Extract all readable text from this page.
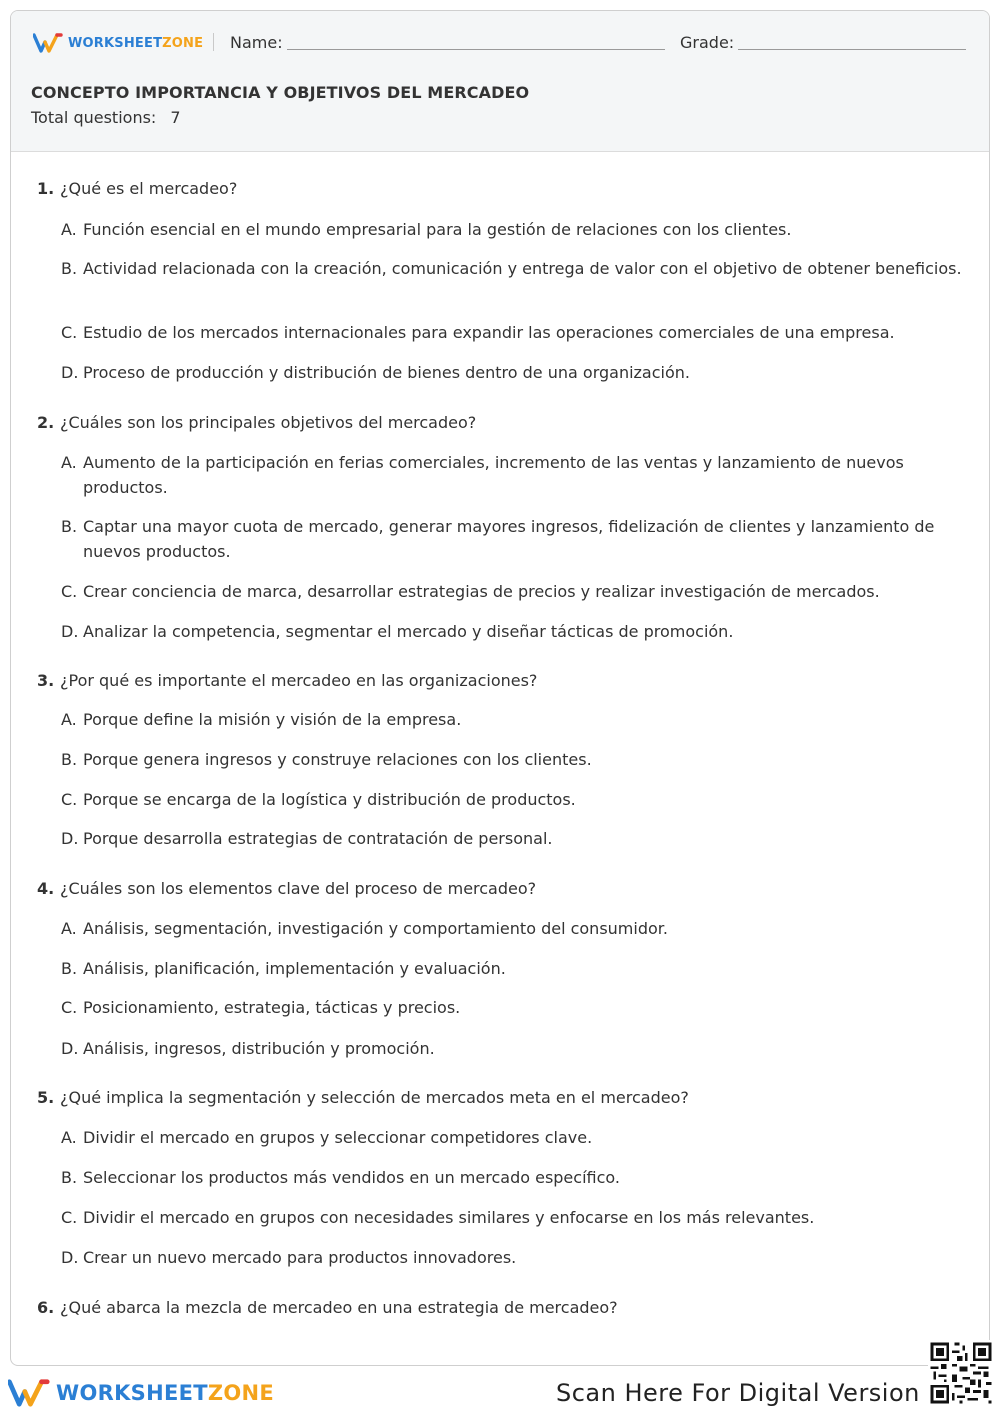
WORKSHEETZONE Name:	Grade:
CONCEPTO IMPORTANCIA Y OBJETIVOS DEL MERCADEO
Total questions: 7
1. ¿Qué es el mercadeo?
A. Función esencial en el mundo empresarial para la gestión de relaciones con los clientes.
B. Actividad relacionada con la creación, comunicación y entrega de valor con el objetivo de obtener beneficios.
C. Estudio de los mercados internacionales para expandir las operaciones comerciales de una empresa.
D. Proceso de producción y distribución de bienes dentro de una organización.
2. ¿Cuáles son los principales objetivos del mercadeo?
A. Aumento de la participación en ferias comerciales, incremento de las ventas y lanzamiento de nuevos productos.
B. Captar una mayor cuota de mercado, generar mayores ingresos, fidelización de clientes y lanzamiento de nuevos productos.
C. Crear conciencia de marca, desarrollar estrategias de precios y realizar investigación de mercados.
D. Analizar la competencia, segmentar el mercado y diseñar tácticas de promoción.
3. ¿Por qué es importante el mercadeo en las organizaciones?
A. Porque define la misión y visión de la empresa.
B. Porque genera ingresos y construye relaciones con los clientes.
C. Porque se encarga de la logística y distribución de productos.
D. Porque desarrolla estrategias de contratación de personal.
4. ¿Cuáles son los elementos clave del proceso de mercadeo?
A. Análisis, segmentación, investigación y comportamiento del consumidor.
B. Análisis, planificación, implementación y evaluación.
C. Posicionamiento, estrategia, tácticas y precios.
D. Análisis, ingresos, distribución y promoción.
5. ¿Qué implica la segmentación y selección de mercados meta en el mercadeo?
A. Dividir el mercado en grupos y seleccionar competidores clave.
B. Seleccionar los productos más vendidos en un mercado específico.
C. Dividir el mercado en grupos con necesidades similares y enfocarse en los más relevantes.
D. Crear un nuevo mercado para productos innovadores.
6. ¿Qué abarca la mezcla de mercadeo en una estrategia de mercadeo?
WORKSHEETZONE	Scan Here For Digital Version
